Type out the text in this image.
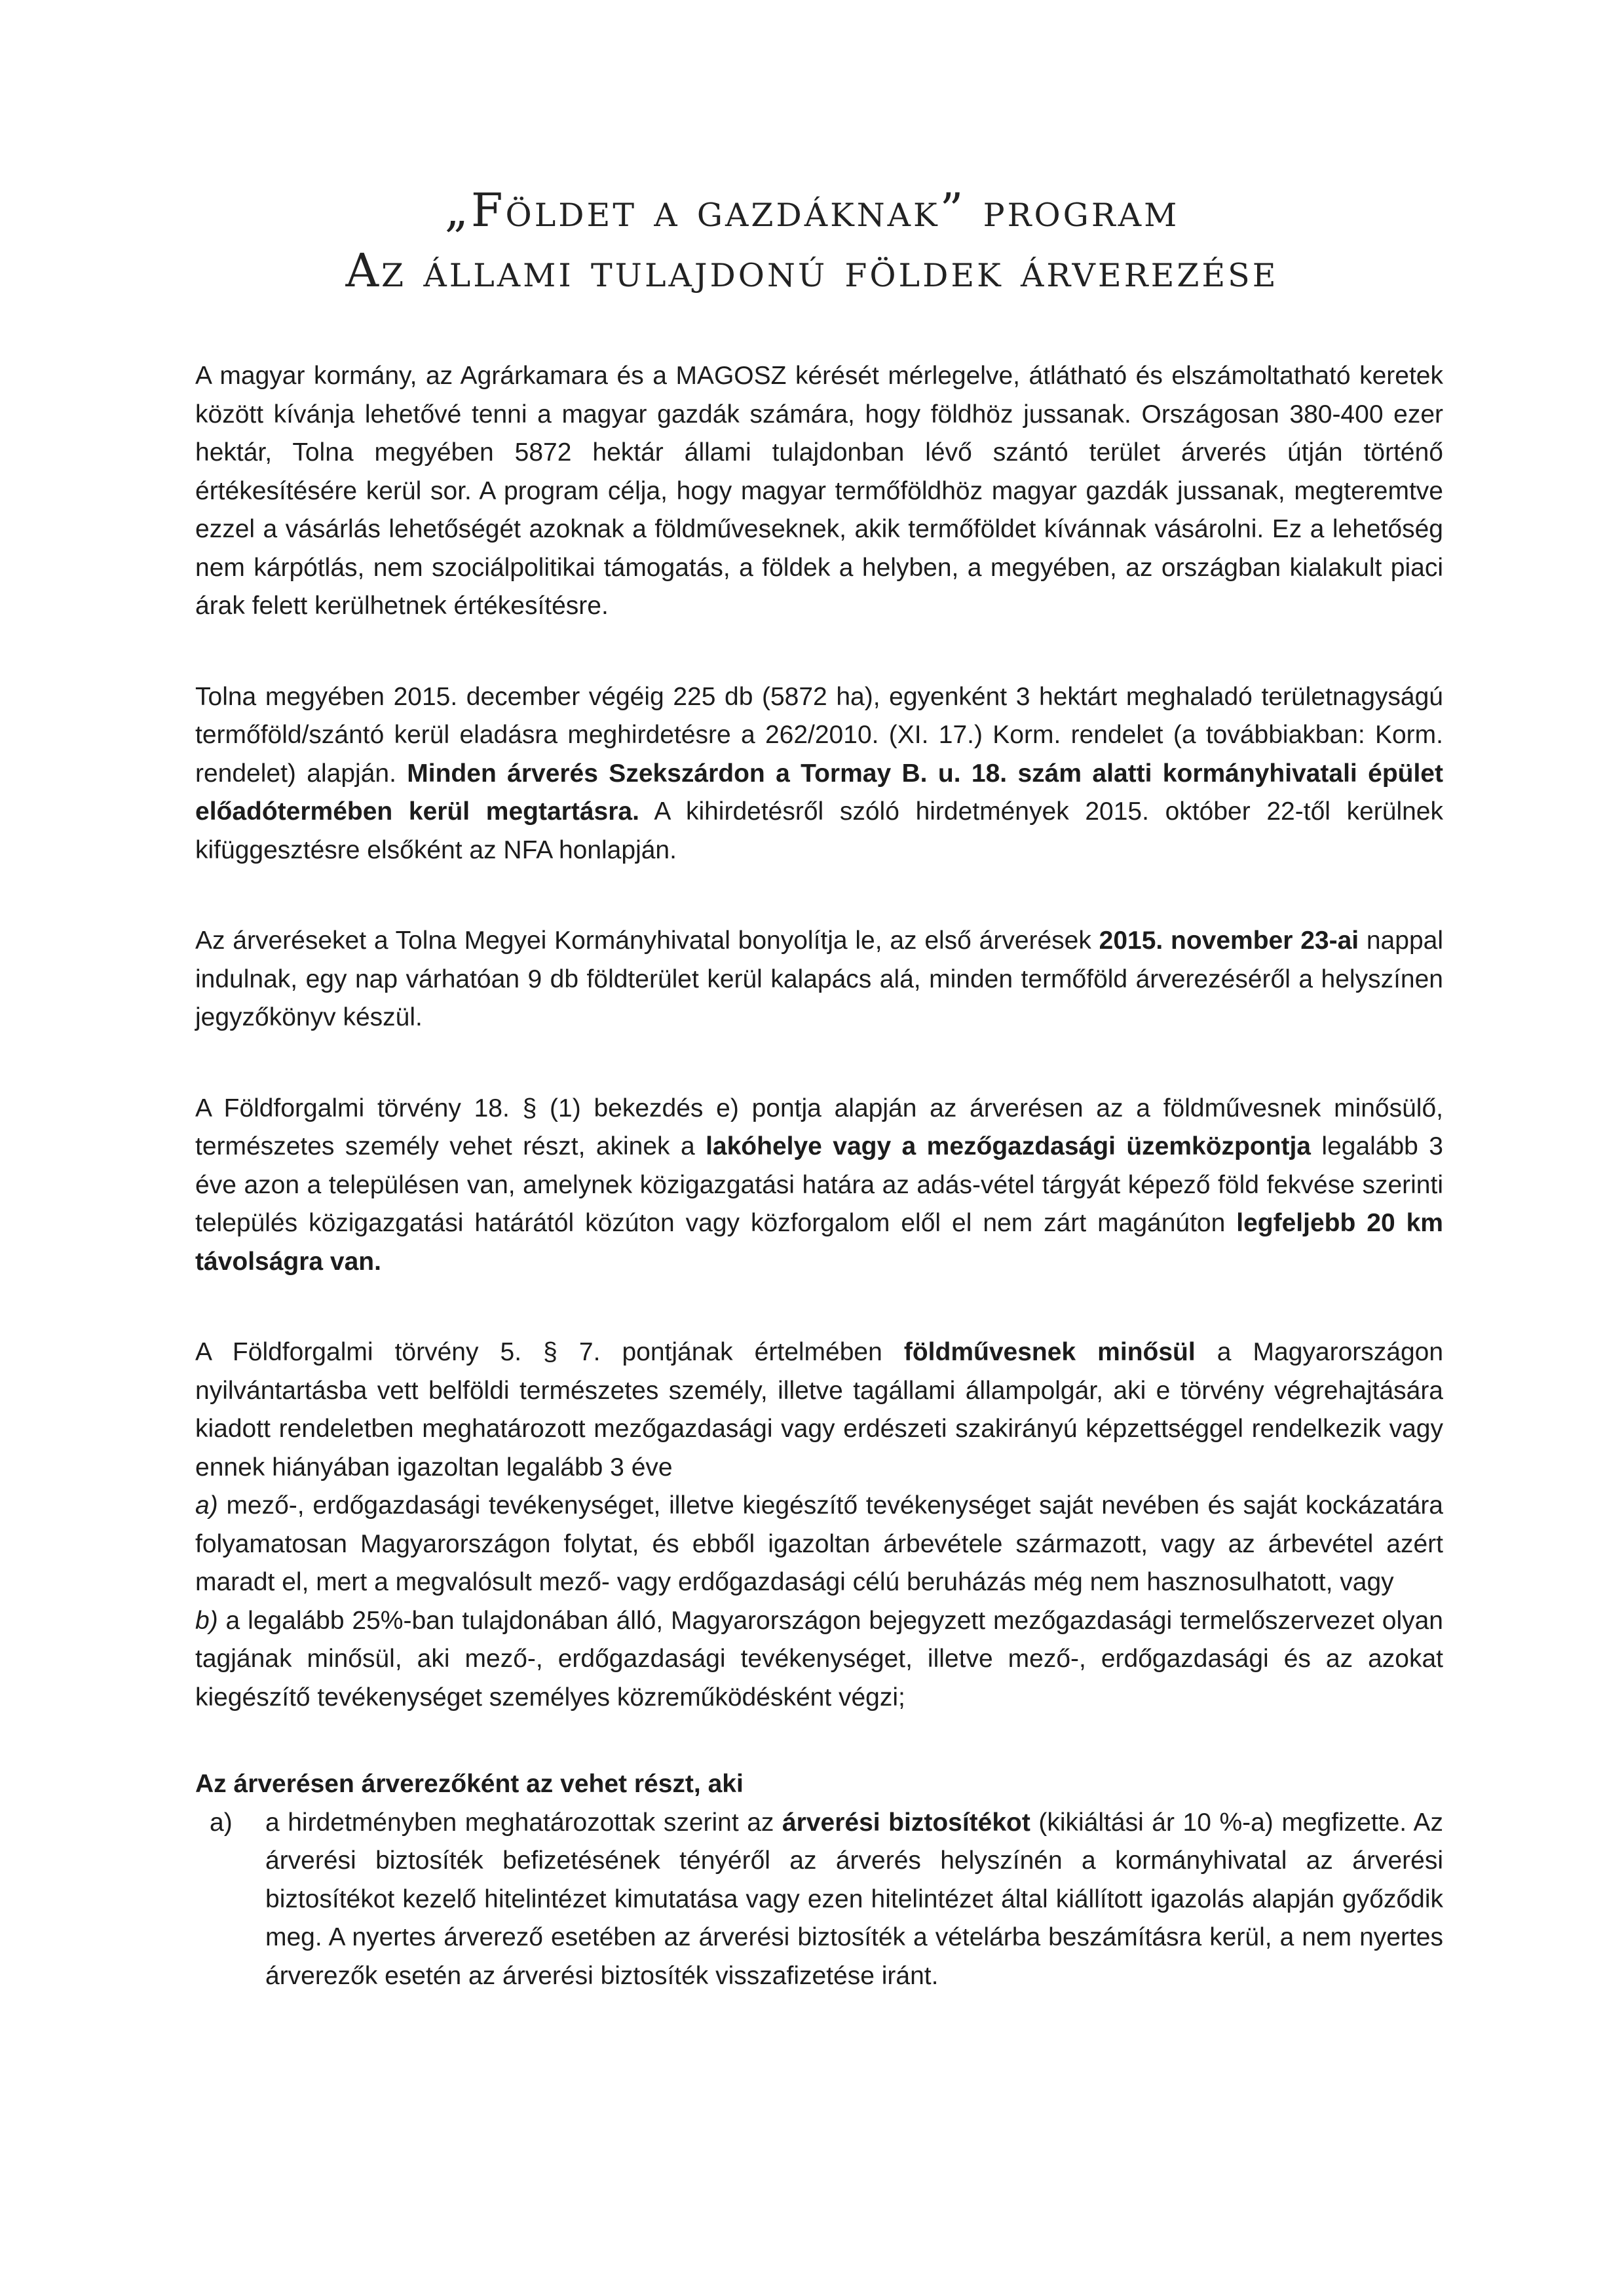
„Földet a gazdáknak” program
Az állami tulajdonú földek árverezése

A magyar kormány, az Agrárkamara és a MAGOSZ kérését mérlegelve, átlátható és elszámoltatható keretek között kívánja lehetővé tenni a magyar gazdák számára, hogy földhöz jussanak. Országosan 380-400 ezer hektár, Tolna megyében 5872 hektár állami tulajdonban lévő szántó terület árverés útján történő értékesítésére kerül sor. A program célja, hogy magyar termőföldhöz magyar gazdák jussanak, megteremtve ezzel a vásárlás lehetőségét azoknak a földműveseknek, akik termőföldet kívánnak vásárolni. Ez a lehetőség nem kárpótlás, nem szociálpolitikai támogatás, a földek a helyben, a megyében, az országban kialakult piaci árak felett kerülhetnek értékesítésre.

Tolna megyében 2015. december végéig 225 db (5872 ha), egyenként 3 hektárt meghaladó területnagyságú termőföld/szántó kerül eladásra meghirdetésre a 262/2010. (XI. 17.) Korm. rendelet (a továbbiakban: Korm. rendelet) alapján. Minden árverés Szekszárdon a Tormay B. u. 18. szám alatti kormányhivatali épület előadótermében kerül megtartásra. A kihirdetésről szóló hirdetmények 2015. október 22-től kerülnek kifüggesztésre elsőként az NFA honlapján.

Az árveréseket a Tolna Megyei Kormányhivatal bonyolítja le, az első árverések 2015. november 23-ai nappal indulnak, egy nap várhatóan 9 db földterület kerül kalapács alá, minden termőföld árverezéséről a helyszínen jegyzőkönyv készül.

A Földforgalmi törvény 18. § (1) bekezdés e) pontja alapján az árverésen az a földművesnek minősülő, természetes személy vehet részt, akinek a lakóhelye vagy a mezőgazdasági üzemközpontja legalább 3 éve azon a településen van, amelynek közigazgatási határa az adás-vétel tárgyát képező föld fekvése szerinti település közigazgatási határától közúton vagy közforgalom elől el nem zárt magánúton legfeljebb 20 km távolságra van.

A Földforgalmi törvény 5. § 7. pontjának értelmében földművesnek minősül a Magyarországon nyilvántartásba vett belföldi természetes személy, illetve tagállami állampolgár, aki e törvény végrehajtására kiadott rendeletben meghatározott mezőgazdasági vagy erdészeti szakirányú képzettséggel rendelkezik vagy ennek hiányában igazoltan legalább 3 éve

a) mező-, erdőgazdasági tevékenységet, illetve kiegészítő tevékenységet saját nevében és saját kockázatára folyamatosan Magyarországon folytat, és ebből igazoltan árbevétele származott, vagy az árbevétel azért maradt el, mert a megvalósult mező- vagy erdőgazdasági célú beruházás még nem hasznosulhatott, vagy

b) a legalább 25%-ban tulajdonában álló, Magyarországon bejegyzett mezőgazdasági termelőszervezet olyan tagjának minősül, aki mező-, erdőgazdasági tevékenységet, illetve mező-, erdőgazdasági és az azokat kiegészítő tevékenységet személyes közreműködésként végzi;

Az árverésen árverezőként az vehet részt, aki

a)	a hirdetményben meghatározottak szerint az árverési biztosítékot (kikiáltási ár 10 %-a) megfizette. Az árverési biztosíték befizetésének tényéről az árverés helyszínén a kormányhivatal az árverési biztosítékot kezelő hitelintézet kimutatása vagy ezen hitelintézet által kiállított igazolás alapján győződik meg. A nyertes árverező esetében az árverési biztosíték a vételárba beszámításra kerül, a nem nyertes árverezők esetén az árverési biztosíték visszafizetése iránt.
